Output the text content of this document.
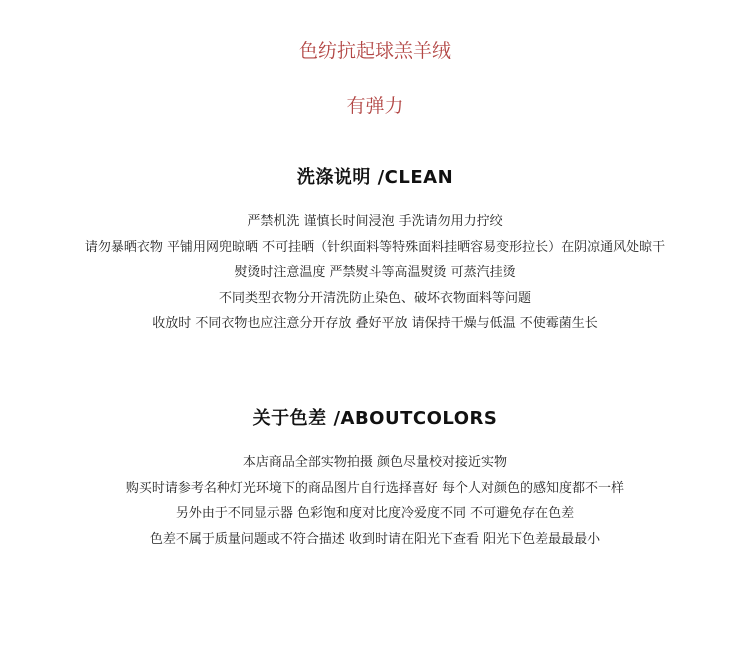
色纺抗起球羔羊绒
有弹力
洗涤说明 /CLEAN
严禁机洗 谨慎长时间浸泡 手洗请勿用力拧绞
请勿暴晒衣物 平铺用网兜晾晒 不可挂晒（针织面料等特殊面料挂晒容易变形拉长）在阴凉通风处晾干
熨烫时注意温度 严禁熨斗等高温熨烫 可蒸汽挂烫
不同类型衣物分开清洗防止染色、破坏衣物面料等问题
收放时 不同衣物也应注意分开存放 叠好平放 请保持干燥与低温 不使霉菌生长
关于色差 /ABOUTCOLORS
本店商品全部实物拍摄 颜色尽量校对接近实物
购买时请参考名种灯光环境下的商品图片自行选择喜好 每个人对颜色的感知度都不一样
另外由于不同显示器 色彩饱和度对比度冷爱度不同 不可避免存在色差
色差不属于质量问题或不符合描述 收到时请在阳光下查看 阳光下色差最最最小
